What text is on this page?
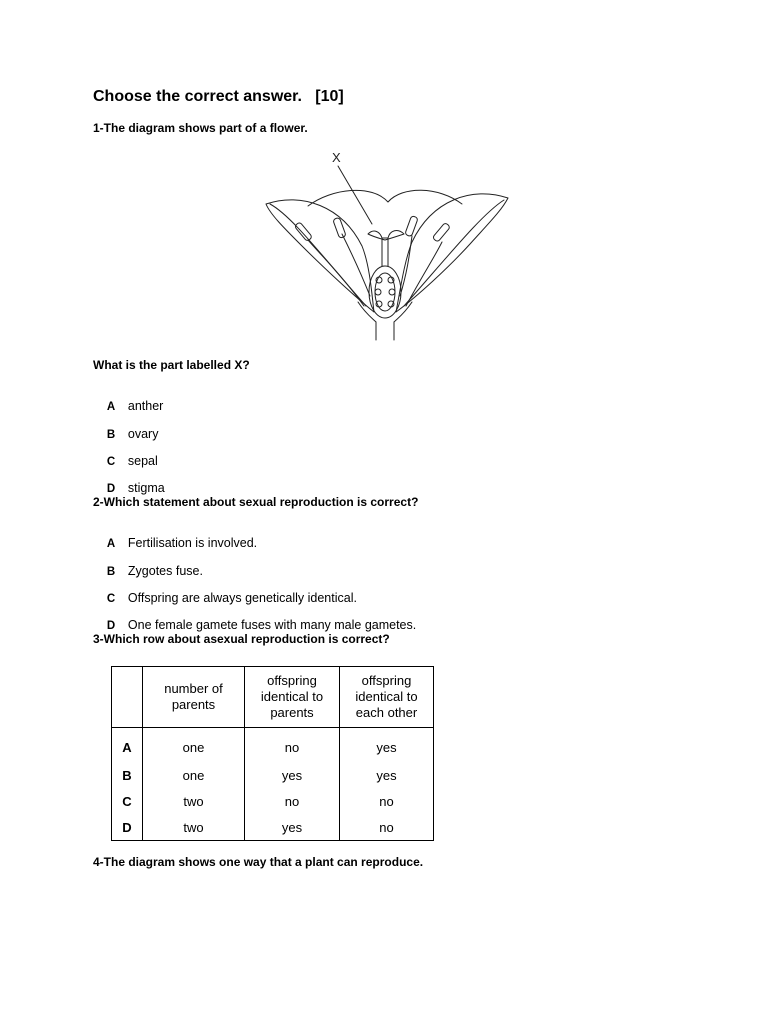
Choose the correct answer.   [10]
1-The diagram shows part of a flower.
X
What is the part labelled X?

A anther

B ovary

C sepal

D stigma

2-Which statement about sexual reproduction is correct?

A Fertilisation is involved.

B Zygotes fuse.

C Offspring are always genetically identical.

D One female gamete fuses with many male gametes.

3-Which row about asexual reproduction is correct?
	number of parents	offspring identical to parents	offspring identical to each other
A	one	no	yes
B	one	yes	yes
C	two	no	no
D	two	yes	no
4-The diagram shows one way that a plant can reproduce.
